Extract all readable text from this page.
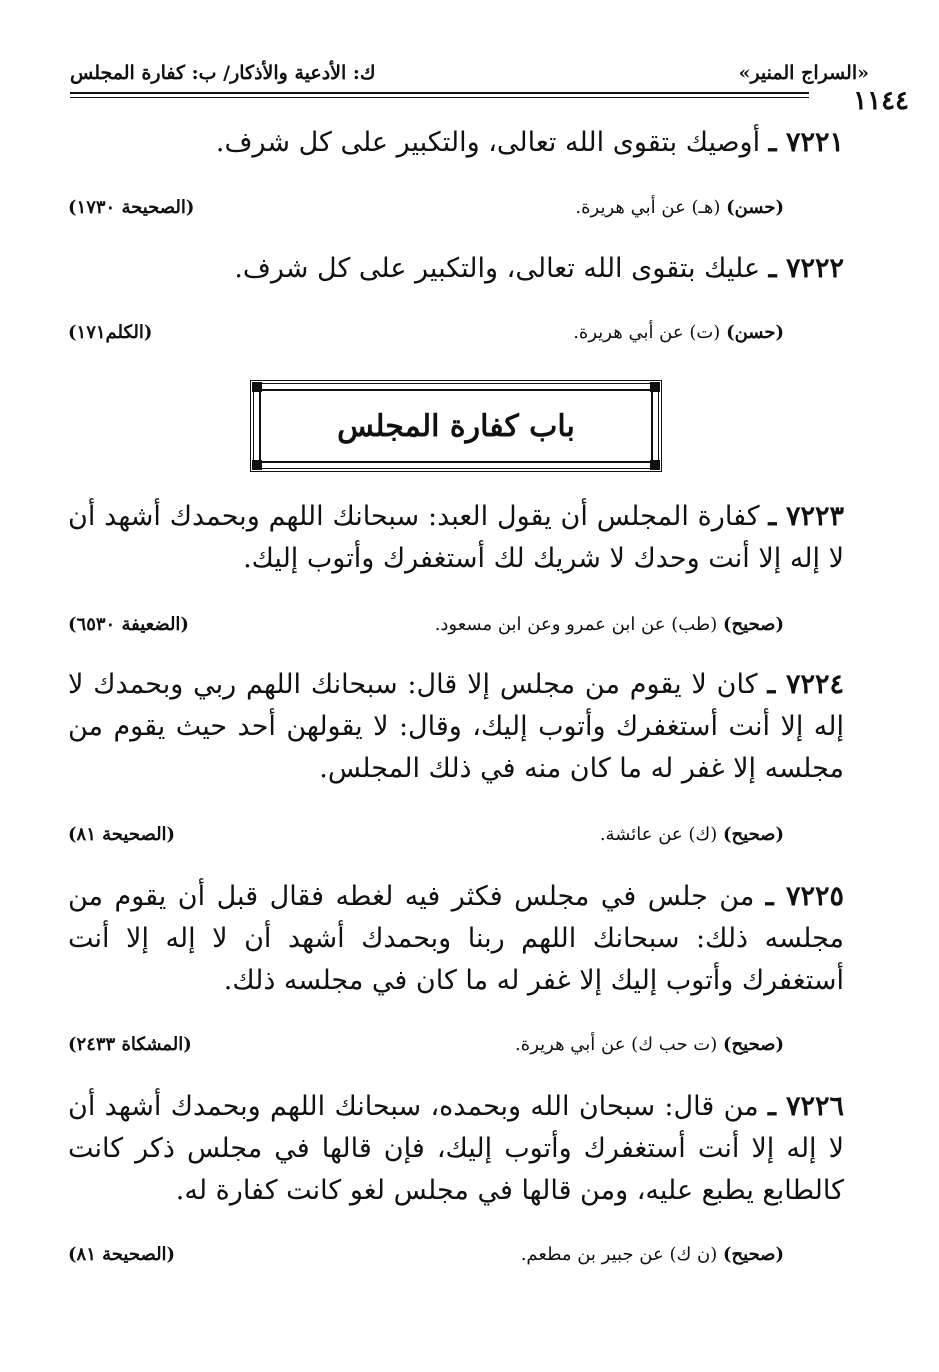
«السراج المنير»
١١٤٤
ك: الأدعية والأذكار/ ب: كفارة المجلس
٧٢٢١ ـ أوصيك بتقوى الله تعالى، والتكبير على كل شرف.
(حسن) (هـ) عن أبي هريرة.
(الصحيحة ١٧٣٠)
٧٢٢٢ ـ عليك بتقوى الله تعالى، والتكبير على كل شرف.
(حسن) (ت) عن أبي هريرة.
(الكلم١٧١)
باب كفارة المجلس
٧٢٢٣ ـ كفارة المجلس أن يقول العبد: سبحانك اللهم وبحمدك أشهد أن لا إله إلا أنت وحدك لا شريك لك أستغفرك وأتوب إليك.
(صحيح) (طب) عن ابن عمرو وعن ابن مسعود.
(الضعيفة ٦٥٣٠)
٧٢٢٤ ـ كان لا يقوم من مجلس إلا قال: سبحانك اللهم ربي وبحمدك لا إله إلا أنت أستغفرك وأتوب إليك، وقال: لا يقولهن أحد حيث يقوم من مجلسه إلا غفر له ما كان منه في ذلك المجلس.
(صحيح) (ك) عن عائشة.
(الصحيحة ٨١)
٧٢٢٥ ـ من جلس في مجلس فكثر فيه لغطه فقال قبل أن يقوم من مجلسه ذلك: سبحانك اللهم ربنا وبحمدك أشهد أن لا إله إلا أنت أستغفرك وأتوب إليك إلا غفر له ما كان في مجلسه ذلك.
(صحيح) (ت حب ك) عن أبي هريرة.
(المشكاة ٢٤٣٣)
٧٢٢٦ ـ من قال: سبحان الله وبحمده، سبحانك اللهم وبحمدك أشهد أن لا إله إلا أنت أستغفرك وأتوب إليك، فإن قالها في مجلس ذكر كانت كالطابع يطبع عليه، ومن قالها في مجلس لغو كانت كفارة له.
(صحيح) (ن ك) عن جبير بن مطعم.
(الصحيحة ٨١)
